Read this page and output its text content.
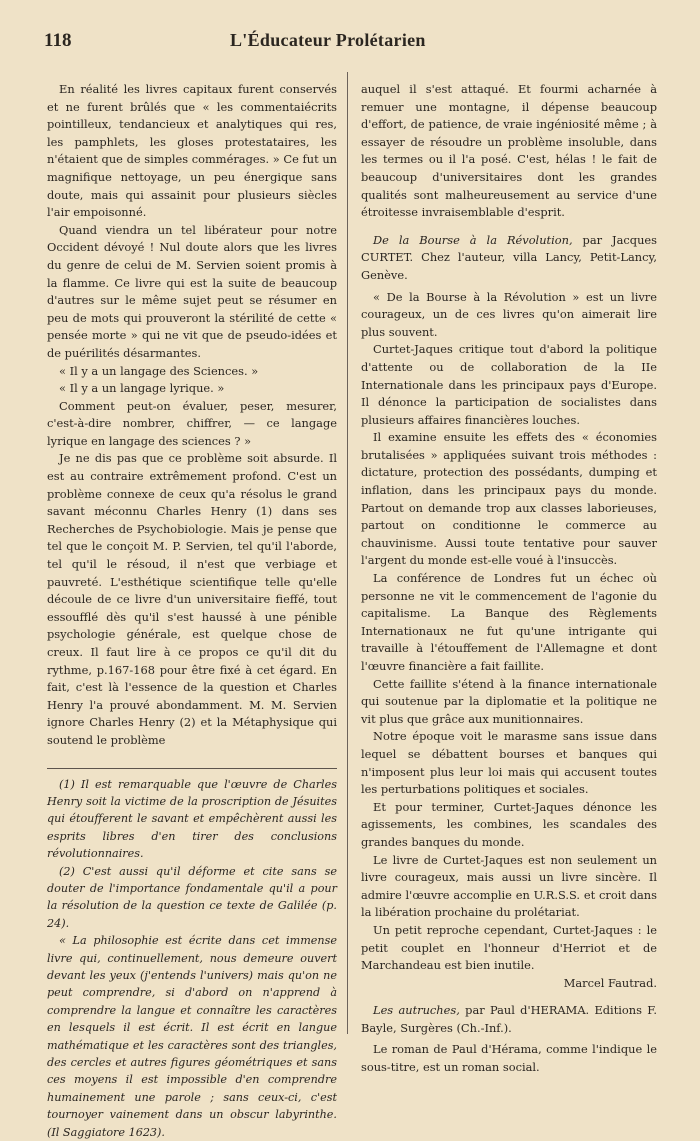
118	L'Éducateur Prolétarien

En réalité les livres capitaux furent conservés et ne furent brûlés que « les commentaiécrits pointilleux, tendancieux et analytiques qui res, les pamphlets, les gloses protestataires, les n'étaient que de simples commérages. » Ce fut un magnifique nettoyage, un peu énergique sans doute, mais qui assainit pour plusieurs siècles l'air empoisonné.

Quand viendra un tel libérateur pour notre Occident dévoyé ! Nul doute alors que les livres du genre de celui de M. Servien soient promis à la flamme. Ce livre qui est la suite de beaucoup d'autres sur le même sujet peut se résumer en peu de mots qui prouveront la stérilité de cette « pensée morte » qui ne vit que de pseudo-idées et de puérilités désarmantes.

« Il y a un langage des Sciences. »

« Il y a un langage lyrique. »

Comment peut-on évaluer, peser, mesurer, c'est-à-dire nombrer, chiffrer, — ce langage lyrique en langage des sciences ? »

Je ne dis pas que ce problème soit absurde. Il est au contraire extrêmement profond. C'est un problème connexe de ceux qu'a résolus le grand savant méconnu Charles Henry (1) dans ses Recherches de Psychobiologie. Mais je pense que tel que le conçoit M. P. Servien, tel qu'il l'aborde, tel qu'il le résoud, il n'est que verbiage et pauvreté. L'esthétique scientifique telle qu'elle découle de ce livre d'un universitaire fieffé, tout essoufflé dès qu'il s'est haussé à une pénible psychologie générale, est quelque chose de creux. Il faut lire à ce propos ce qu'il dit du rythme, p.167-168 pour être fixé à cet égard. En fait, c'est là l'essence de la question et Charles Henry l'a prouvé abondamment. M. M. Servien ignore Charles Henry (2) et la Métaphysique qui soutend le problème

(1) Il est remarquable que l'œuvre de Charles Henry soit la victime de la proscription de Jésuites qui étoufferent le savant et empêchèrent aussi les esprits libres d'en tirer des conclusions révolutionnaires.

(2) C'est aussi qu'il déforme et cite sans se douter de l'importance fondamentale qu'il a pour la résolution de la question ce texte de Galilée (p. 24).

« La philosophie est écrite dans cet immense livre qui, continuellement, nous demeure ouvert devant les yeux (j'entends l'univers) mais qu'on ne peut comprendre, si d'abord on n'apprend à comprendre la langue et connaître les caractères en lesquels il est écrit. Il est écrit en langue mathématique et les caractères sont des triangles, des cercles et autres figures géométriques et sans ces moyens il est impossible d'en comprendre humainement une parole ; sans ceux-ci, c'est tournoyer vainement dans un obscur labyrinthe. (Il Saggiatore 1623).

auquel il s'est attaqué. Et fourmi acharnée à remuer une montagne, il dépense beaucoup d'effort, de patience, de vraie ingéniosité même ; à essayer de résoudre un problème insoluble, dans les termes ou il l'a posé. C'est, hélas ! le fait de beaucoup d'universitaires dont les grandes qualités sont malheureusement au service d'une étroitesse invraisemblable d'esprit.

De la Bourse à la Révolution, par Jacques CURTET. Chez l'auteur, villa Lancy, Petit-Lancy, Genève.

« De la Bourse à la Révolution » est un livre courageux, un de ces livres qu'on aimerait lire plus souvent.

Curtet-Jaques critique tout d'abord la politique d'attente ou de collaboration de la IIe Internationale dans les principaux pays d'Europe. Il dénonce la participation de socialistes dans plusieurs affaires financières louches.

Il examine ensuite les effets des « économies brutalisées » appliquées suivant trois méthodes : dictature, protection des possédants, dumping et inflation, dans les principaux pays du monde. Partout on demande trop aux classes laborieuses, partout on conditionne le commerce au chauvinisme. Aussi toute tentative pour sauver l'argent du monde est-elle voué à l'insuccès.

La conférence de Londres fut un échec où personne ne vit le commencement de l'agonie du capitalisme. La Banque des Règlements Internationaux ne fut qu'une intrigante qui travaille à l'étouffement de l'Allemagne et dont l'œuvre financière a fait faillite.

Cette faillite s'étend à la finance internationale qui soutenue par la diplomatie et la politique ne vit plus que grâce aux munitionnaires.

Notre époque voit le marasme sans issue dans lequel se débattent bourses et banques qui n'imposent plus leur loi mais qui accusent toutes les perturbations politiques et sociales.

Et pour terminer, Curtet-Jaques dénonce les agissements, les combines, les scandales des grandes banques du monde.

Le livre de Curtet-Jaques est non seulement un livre courageux, mais aussi un livre sincère. Il admire l'œuvre accomplie en U.R.S.S. et croit dans la libération prochaine du prolétariat.

Un petit reproche cependant, Curtet-Jaques : le petit couplet en l'honneur d'Herriot et de Marchandeau est bien inutile.

Marcel Fautrad.

Les autruches, par Paul d'HERAMA. Editions F. Bayle, Surgères (Ch.-Inf.).

Le roman de Paul d'Hérama, comme l'indique le sous-titre, est un roman social.
